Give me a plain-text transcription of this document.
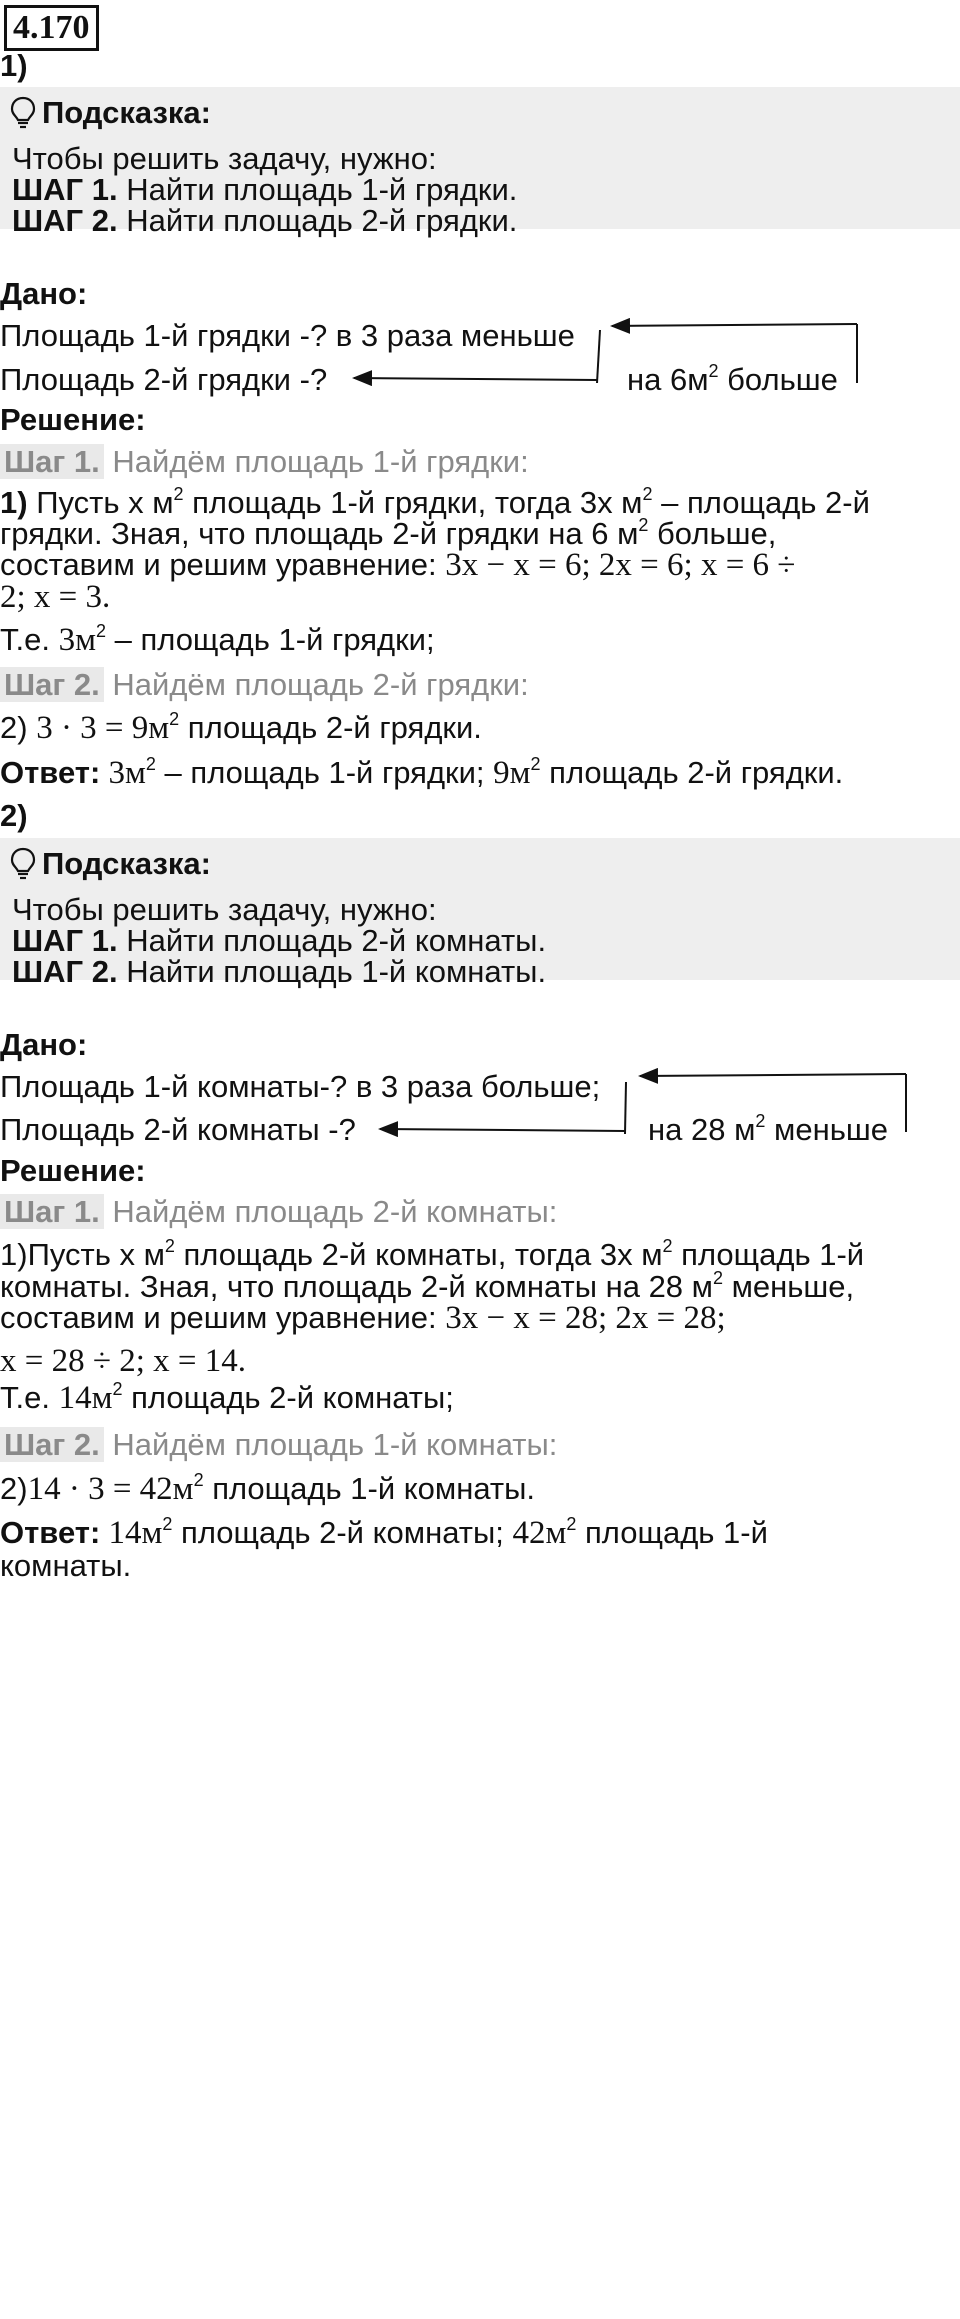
4.170
1)
Подсказка:
Чтобы решить задачу, нужно:
ШАГ 1. Найти площадь 1-й грядки.
ШАГ 2. Найти площадь 2-й грядки.
Дано:
Площадь 1-й грядки -? в 3 раза меньше
Площадь 2-й грядки -?	на $6м^2$ больше
Решение:
Шаг 1. Найдём площадь 1-й грядки:
1) Пусть х $м^2$ площадь 1-й грядки, тогда 3х $м^2$ – площадь 2-й
грядки. Зная, что площадь 2-й грядки на 6 $м^2$ больше,
составим и решим уравнение: 3x − x = 6; 2x = 6; x = 6 ÷
2; x = 3.
Т.е. $3м^2$ – площадь 1-й грядки;
Шаг 2. Найдём площадь 2-й грядки:
2) $3 \cdot 3 = 9м^2$ площадь 2-й грядки.
Ответ: $3м^2$ – площадь 1-й грядки; $9м^2$ площадь 2-й грядки.
2)
Подсказка:
Чтобы решить задачу, нужно:
ШАГ 1. Найти площадь 2-й комнаты.
ШАГ 2. Найти площадь 1-й комнаты.
Дано:
Площадь 1-й комнаты-? в 3 раза больше;
Площадь 2-й комнаты -?	на 28 $м^2$ меньше
Решение:
Шаг 1. Найдём площадь 2-й комнаты:
1)Пусть х $м^2$ площадь 2-й комнаты, тогда 3х $м^2$ площадь 1-й
комнаты. Зная, что площадь 2-й комнаты на 28 $м^2$ меньше,
составим и решим уравнение: 3x − x = 28; 2x = 28;
x = 28 ÷ 2; x = 14.
Т.е. $14м^2$ площадь 2-й комнаты;
Шаг 2. Найдём площадь 1-й комнаты:
$2)14 \cdot 3 = 42м^2$ площадь 1-й комнаты.
Ответ: $14м^2$ площадь 2-й комнаты; $42м^2$ площадь 1-й
комнаты.
